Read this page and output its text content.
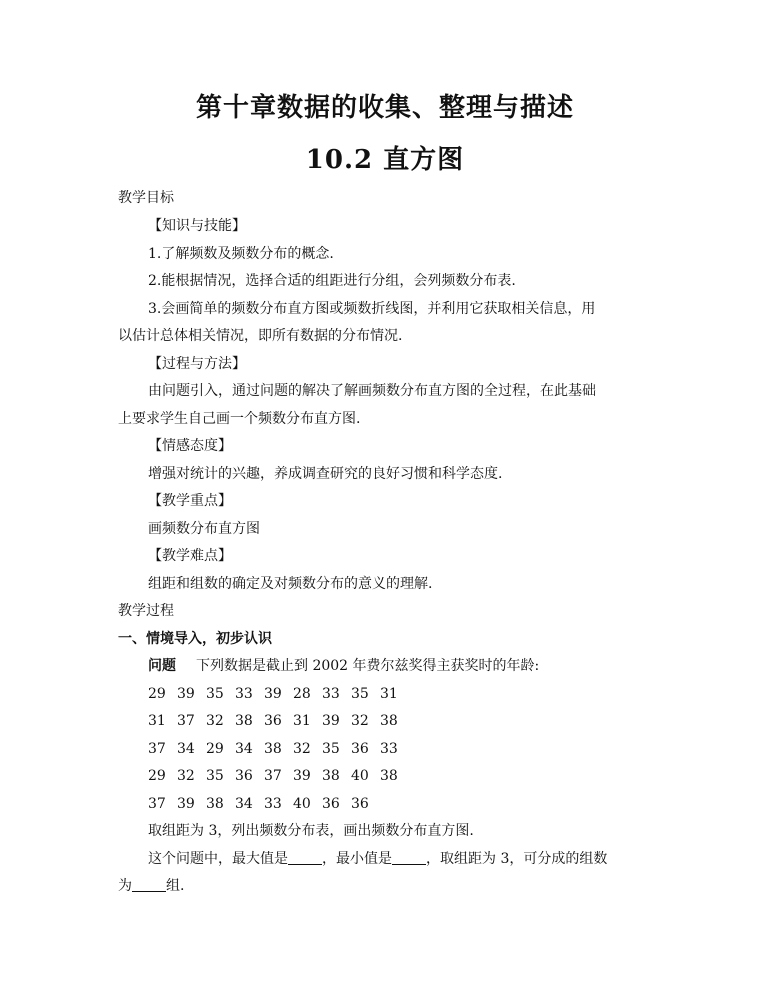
第十章数据的收集、整理与描述
10.2 直方图
教学目标
【知识与技能】
1.了解频数及频数分布的概念.
2.能根据情况，选择合适的组距进行分组，会列频数分布表.
3.会画简单的频数分布直方图或频数折线图，并利用它获取相关信息，用
以估计总体相关情况，即所有数据的分布情况.
【过程与方法】
由问题引入，通过问题的解决了解画频数分布直方图的全过程，在此基础
上要求学生自己画一个频数分布直方图.
【情感态度】
增强对统计的兴趣，养成调查研究的良好习惯和科学态度.
【教学重点】
画频数分布直方图
【教学难点】
组距和组数的确定及对频数分布的意义的理解.
教学过程
一、情境导入，初步认识
问题 下列数据是截止到 2002 年费尔兹奖得主获奖时的年龄:
29 39 35 33 39 28 33 35 31
31 37 32 38 36 31 39 32 38
37 34 29 34 38 32 35 36 33
29 32 35 36 37 39 38 40 38
37 39 38 34 33 40 36 36
取组距为 3，列出频数分布表，画出频数分布直方图.
这个问题中，最大值是 ，最小值是 ，取组距为 3，可分成的组数
为 组.
